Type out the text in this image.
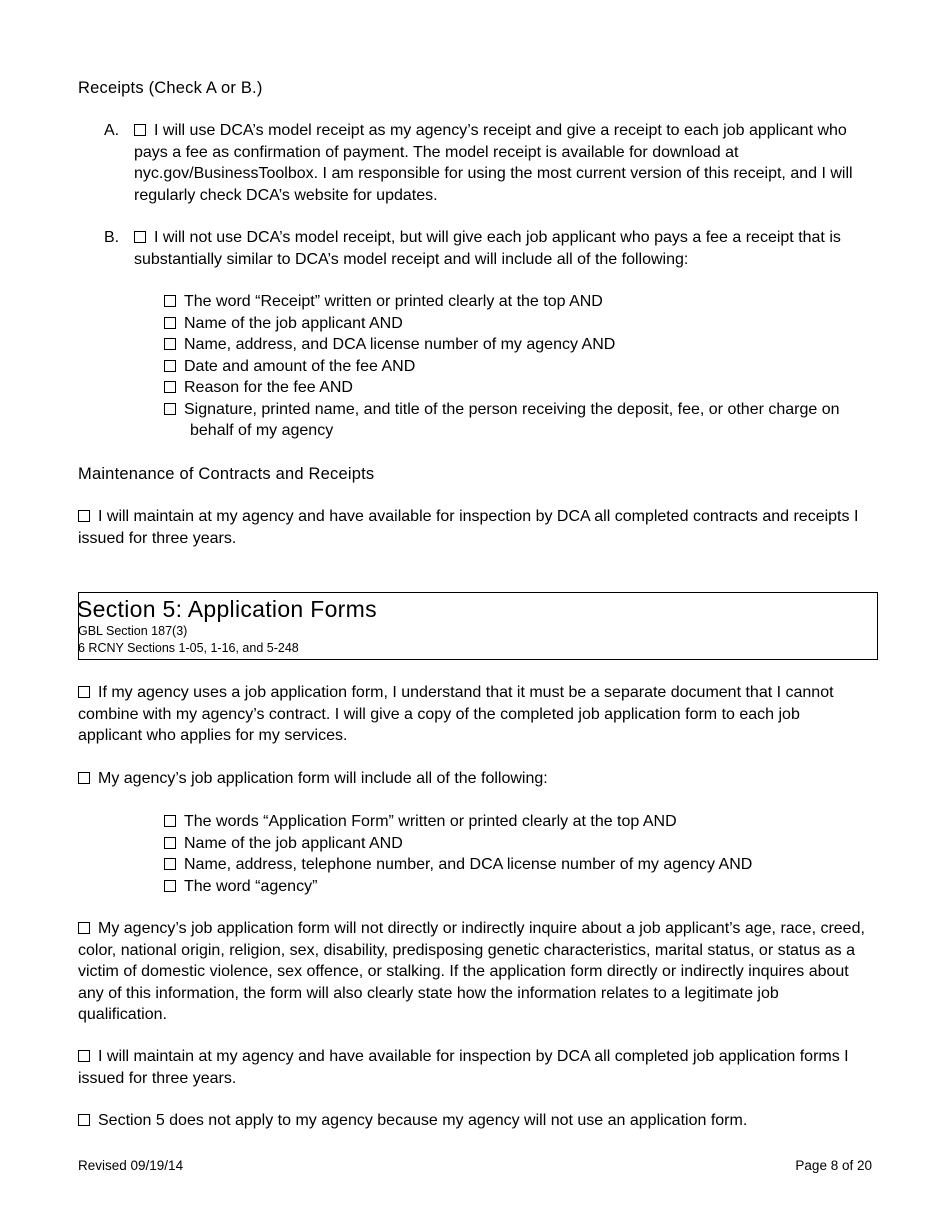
Receipts (Check A or B.)
A.	I will use DCA’s model receipt as my agency’s receipt and give a receipt to each job applicant who pays a fee as confirmation of payment. The model receipt is available for download at nyc.gov/BusinessToolbox. I am responsible for using the most current version of this receipt, and I will regularly check DCA’s website for updates.
B.	I will not use DCA’s model receipt, but will give each job applicant who pays a fee a receipt that is substantially similar to DCA’s model receipt and will include all of the following:
The word “Receipt” written or printed clearly at the top AND
Name of the job applicant AND
Name, address, and DCA license number of my agency AND
Date and amount of the fee AND
Reason for the fee AND
Signature, printed name, and title of the person receiving the deposit, fee, or other charge on behalf of my agency
Maintenance of Contracts and Receipts
I will maintain at my agency and have available for inspection by DCA all completed contracts and receipts I issued for three years.
Section 5: Application Forms
GBL Section 187(3)
6 RCNY Sections 1-05, 1-16, and 5-248
If my agency uses a job application form, I understand that it must be a separate document that I cannot combine with my agency’s contract. I will give a copy of the completed job application form to each job applicant who applies for my services.
My agency’s job application form will include all of the following:
The words “Application Form” written or printed clearly at the top AND
Name of the job applicant AND
Name, address, telephone number, and DCA license number of my agency AND
The word “agency”
My agency’s job application form will not directly or indirectly inquire about a job applicant’s age, race, creed, color, national origin, religion, sex, disability, predisposing genetic characteristics, marital status, or status as a victim of domestic violence, sex offence, or stalking. If the application form directly or indirectly inquires about any of this information, the form will also clearly state how the information relates to a legitimate job qualification.
I will maintain at my agency and have available for inspection by DCA all completed job application forms I issued for three years.
Section 5 does not apply to my agency because my agency will not use an application form.
Revised 09/19/14	Page 8 of 20
